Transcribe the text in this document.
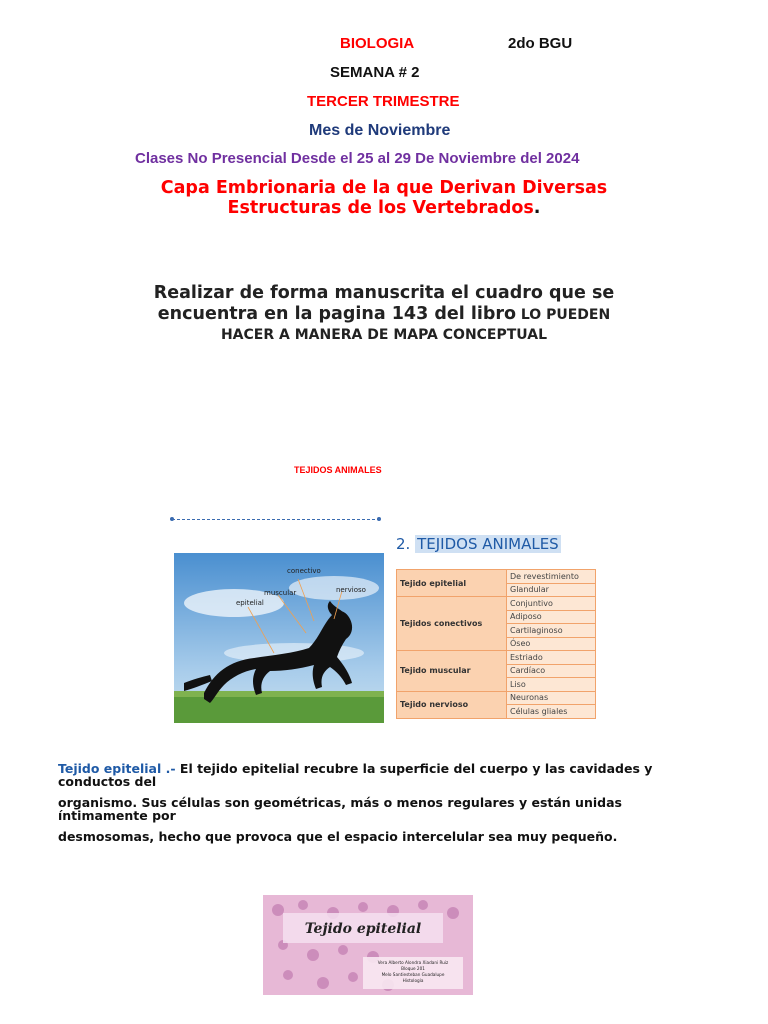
BIOLOGIA	2do BGU
SEMANA # 2
TERCER TRIMESTRE
Mes de Noviembre
Clases No Presencial Desde el 25 al 29 De Noviembre del 2024
Capa Embrionaria de la que Derivan Diversas
Estructuras de los Vertebrados.
Realizar de forma manuscrita el cuadro que se
encuentra en la pagina 143 del libro LO PUEDEN
HACER A MANERA DE MAPA CONCEPTUAL
TEJIDOS ANIMALES
conectivo
muscular	nervioso
epitelial
2. TEJIDOS ANIMALES
Tejido epitelial	De revestimiento
	Glandular
Tejidos conectivos	Conjuntivo
	Adiposo
	Cartilaginoso
	Óseo
Tejido muscular	Estriado
	Cardíaco
	Liso
Tejido nervioso	Neuronas
	Células gliales
Tejido epitelial .- El tejido epitelial recubre la superficie del cuerpo y las cavidades y
conductos del
organismo. Sus células son geométricas, más o menos regulares y están unidas
íntimamente por
desmosomas, hecho que provoca que el espacio intercelular sea muy pequeño.
Tejido epitelial
Vera Alberto Alondra Xiadani Ruiz
Bloque 201
Melo Santiesteban Guadalupe
Histología
